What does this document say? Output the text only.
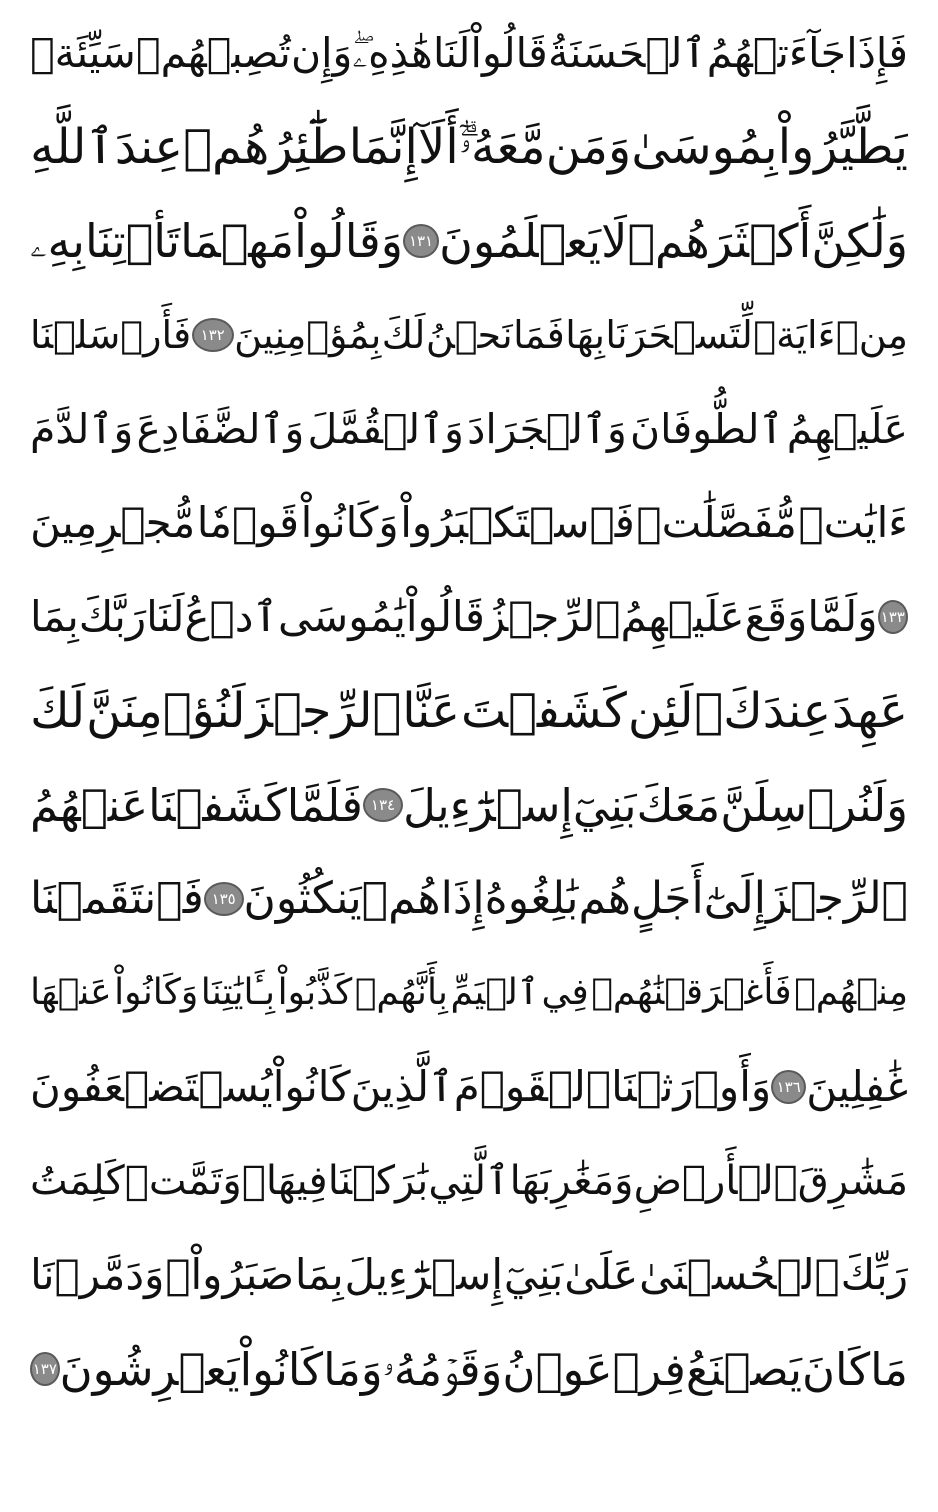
فَإِذَا
جَآءَتۡهُمُ
ٱلۡحَسَنَةُ
قَالُواْ
لَنَا
هَٰذِهِۦۖ
وَإِن
تُصِبۡهُمۡ
سَيِّئَةٞ
يَطَّيَّرُواْ
بِمُوسَىٰ
وَمَن
مَّعَهُۥٓۗ
أَلَآ
إِنَّمَا
طَٰٓئِرُهُمۡ
عِندَ
ٱللَّهِ
وَلَٰكِنَّ
أَكۡثَرَهُمۡ
لَا
يَعۡلَمُونَ
١٣١
وَقَالُواْ
مَهۡمَا
تَأۡتِنَا
بِهِۦ
مِنۡ
ءَايَةٖ
لِّتَسۡحَرَنَا
بِهَا
فَمَا
نَحۡنُ
لَكَ
بِمُؤۡمِنِينَ
١٣٢
فَأَرۡسَلۡنَا
عَلَيۡهِمُ
ٱلطُّوفَانَ
وَٱلۡجَرَادَ
وَٱلۡقُمَّلَ
وَٱلضَّفَادِعَ
وَٱلدَّمَ
ءَايَٰتٖ
مُّفَصَّلَٰتٖ
فَٱسۡتَكۡبَرُواْ
وَكَانُواْ
قَوۡمٗا
مُّجۡرِمِينَ
١٣٣
وَلَمَّا
وَقَعَ
عَلَيۡهِمُ
ٱلرِّجۡزُ
قَالُواْ
يَٰمُوسَى
ٱدۡعُ
لَنَا
رَبَّكَ
بِمَا
عَهِدَ
عِندَكَۖ
لَئِن
كَشَفۡتَ
عَنَّا
ٱلرِّجۡزَ
لَنُؤۡمِنَنَّ
لَكَ
وَلَنُرۡسِلَنَّ
مَعَكَ
بَنِيٓ
إِسۡرَٰٓءِيلَ
١٣٤
فَلَمَّا
كَشَفۡنَا
عَنۡهُمُ
ٱلرِّجۡزَ
إِلَىٰٓ
أَجَلٍ
هُم
بَٰلِغُوهُ
إِذَا
هُمۡ
يَنكُثُونَ
١٣٥
فَٱنتَقَمۡنَا
مِنۡهُمۡ
فَأَغۡرَقۡنَٰهُمۡ
فِي
ٱلۡيَمِّ
بِأَنَّهُمۡ
كَذَّبُواْ
بِـَٔايَٰتِنَا
وَكَانُواْ
عَنۡهَا
غَٰفِلِينَ
١٣٦
وَأَوۡرَثۡنَا
ٱلۡقَوۡمَ
ٱلَّذِينَ
كَانُواْ
يُسۡتَضۡعَفُونَ
مَشَٰرِقَ
ٱلۡأَرۡضِ
وَمَغَٰرِبَهَا
ٱلَّتِي
بَٰرَكۡنَا
فِيهَاۖ
وَتَمَّتۡ
كَلِمَتُ
رَبِّكَ
ٱلۡحُسۡنَىٰ
عَلَىٰ
بَنِيٓ
إِسۡرَٰٓءِيلَ
بِمَا
صَبَرُواْۖ
وَدَمَّرۡنَا
مَا
كَانَ
يَصۡنَعُ
فِرۡعَوۡنُ
وَقَوۡمُهُۥ
وَمَا
كَانُواْ
يَعۡرِشُونَ
١٣٧
